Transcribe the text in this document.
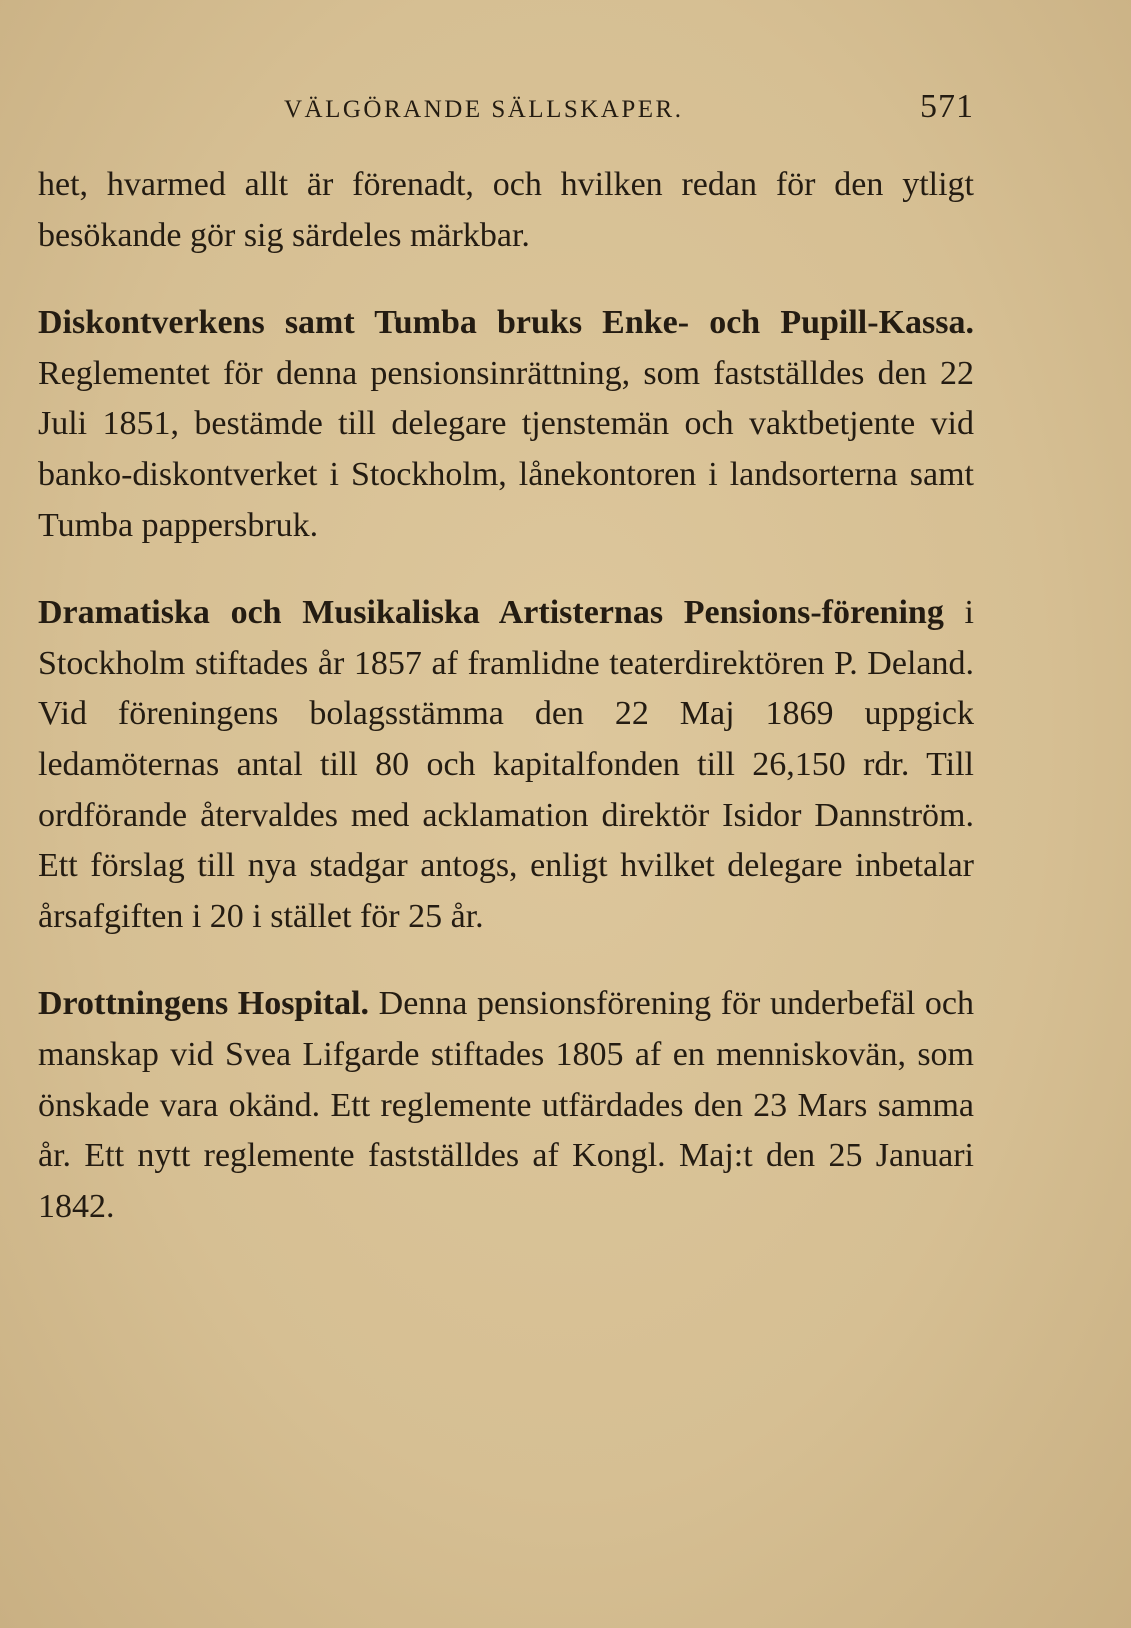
VÄLGÖRANDE SÄLLSKAPER.	571

het, hvarmed allt är förenadt, och hvilken redan för den ytligt besökande gör sig särdeles märkbar.

Diskontverkens samt Tumba bruks Enke- och Pupill-Kassa. Reglementet för denna pensionsinrättning, som fastställdes den 22 Juli 1851, bestämde till delegare tjenstemän och vaktbetjente vid banko-diskontverket i Stockholm, lånekontoren i landsorterna samt Tumba pappersbruk.

Dramatiska och Musikaliska Artisternas Pensions-förening i Stockholm stiftades år 1857 af framlidne teaterdirektören P. Deland. Vid föreningens bolagsstämma den 22 Maj 1869 uppgick ledamöternas antal till 80 och kapitalfonden till 26,150 rdr. Till ordförande återvaldes med acklamation direktör Isidor Dannström. Ett förslag till nya stadgar antogs, enligt hvilket delegare inbetalar årsafgiften i 20 i stället för 25 år.

Drottningens Hospital. Denna pensionsförening för underbefäl och manskap vid Svea Lifgarde stiftades 1805 af en menniskovän, som önskade vara okänd. Ett reglemente utfärdades den 23 Mars samma år. Ett nytt reglemente fastställdes af Kongl. Maj:t den 25 Januari 1842.
